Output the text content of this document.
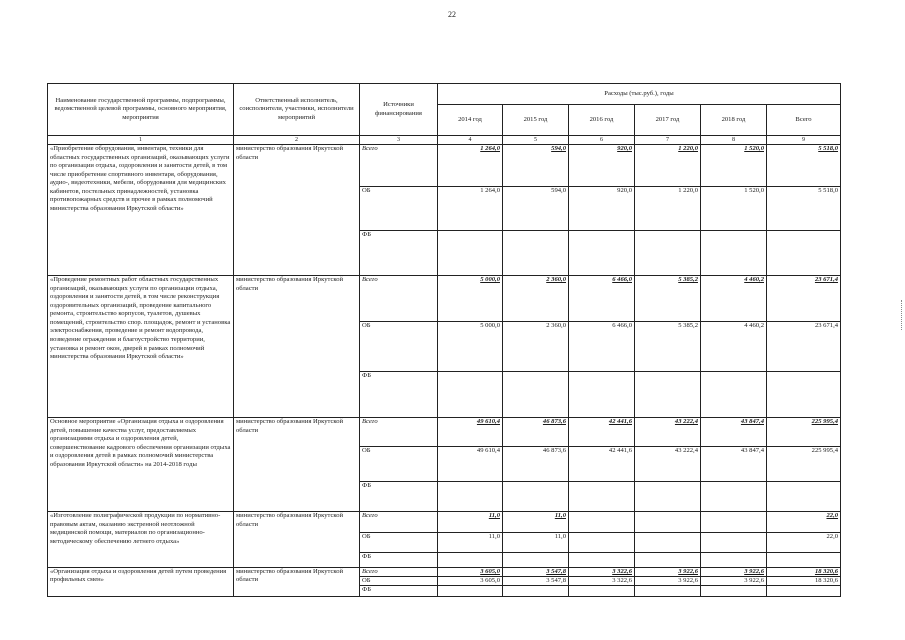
22
Наименование государственной программы, подпрограммы, ведомственной целевой программы, основного мероприятия, мероприятия	Ответственный исполнитель, соисполнители, участники, исполнители мероприятий	Источники финансирования	Расходы (тыс.руб.), годы					
			2014 год	2015 год	2016 год	2017 год	2018 год	Всего
1	2	3	4	5	6	7	8	9
«Приобретение оборудования, инвентаря, техники для областных государственных организаций, оказывающих услуги по организации отдыха, оздоровления и занятости детей, в том числе приобретение спортивного инвентаря, оборудования, аудио-, видеотехники, мебели, оборудования для медицинских кабинетов, постельных принадлежностей, установка противопожарных средств и прочее в рамках полномочий министерства образования Иркутской области»	министерство образования Иркутской области	Всего	1 264,0	594,0	920,0	1 220,0	1 520,0	5 518,0
		ОБ	1 264,0	594,0	920,0	1 220,0	1 520,0	5 518,0
		ФБ						
«Проведение ремонтных работ областных государственных организаций, оказывающих услуги по организации отдыха, оздоровления и занятости детей, в том числе реконструкция оздоровительных организаций, проведение капитального ремонта, строительство корпусов, туалетов, душевых помещений, строительство спор. площадок, ремонт и установка электроснабжения, проведение и ремонт водопровода, возведение ограждения и благоустройство территории, установка и ремонт окон, дверей в рамках полномочий министерства образования Иркутской области»	министерство образования Иркутской области	Всего	5 000,0	2 360,0	6 466,0	5 385,2	4 460,2	23 671,4
		ОБ	5 000,0	2 360,0	6 466,0	5 385,2	4 460,2	23 671,4
		ФБ						
Основное мероприятие «Организация отдыха и оздоровления детей, повышение качества услуг, предоставляемых организациями отдыха и оздоровления детей, совершенствование кадрового обеспечения организации отдыха и оздоровления детей в рамках полномочий министерства образования Иркутской области» на 2014-2018 годы	министерство образования Иркутской области	Всего	49 610,4	46 873,6	42 441,6	43 222,4	43 847,4	225 995,4
		ОБ	49 610,4	46 873,6	42 441,6	43 222,4	43 847,4	225 995,4
		ФБ						
«Изготовление полиграфической продукции по нормативно-правовым актам, оказанию экстренной неотложной медицинской помощи, материалов по организационно-методическому обеспечению летнего отдыха»	министерство образования Иркутской области	Всего	11,0	11,0				22,0
		ОБ	11,0	11,0				22,0
		ФБ						
«Организация отдыха и оздоровления детей путем проведения профильных смен»	министерство образования Иркутской области	Всего	3 605,0	3 547,8	3 322,6	3 922,6	3 922,6	18 320,6
		ОБ	3 605,0	3 547,8	3 322,6	3 922,6	3 922,6	18 320,6
		ФБ						
